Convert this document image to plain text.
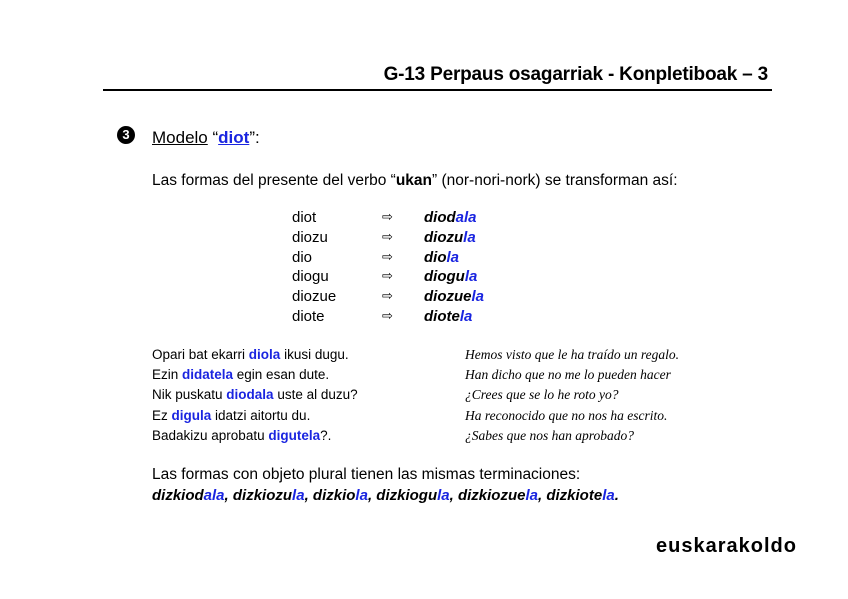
G-13 Perpaus osagarriak - Konpletiboak – 3
3	Modelo “diot”:
Las formas del presente del verbo “ukan” (nor-nori-nork) se transforman así:
diot	⇨ diodala
diozu	⇨ diozula
dio	⇨ diola
diogu	⇨ diogula
diozue	⇨ diozuela
diote	⇨ diotela
Opari bat ekarri diola ikusi dugu.	Hemos visto que le ha traído un regalo.
Ezin didatela egin esan dute.	Han dicho que no me lo pueden hacer
Nik puskatu diodala uste al duzu?	¿Crees que se lo he roto yo?
Ez digula idatzi aitortu du.	Ha reconocido que no nos ha escrito.
Badakizu aprobatu digutela?.	¿Sabes que nos han aprobado?
Las formas con objeto plural tienen las mismas terminaciones:
dizkiodala, dizkiozula, dizkiola, dizkiogula, dizkiozuela, dizkiotela.
euskarakoldo
